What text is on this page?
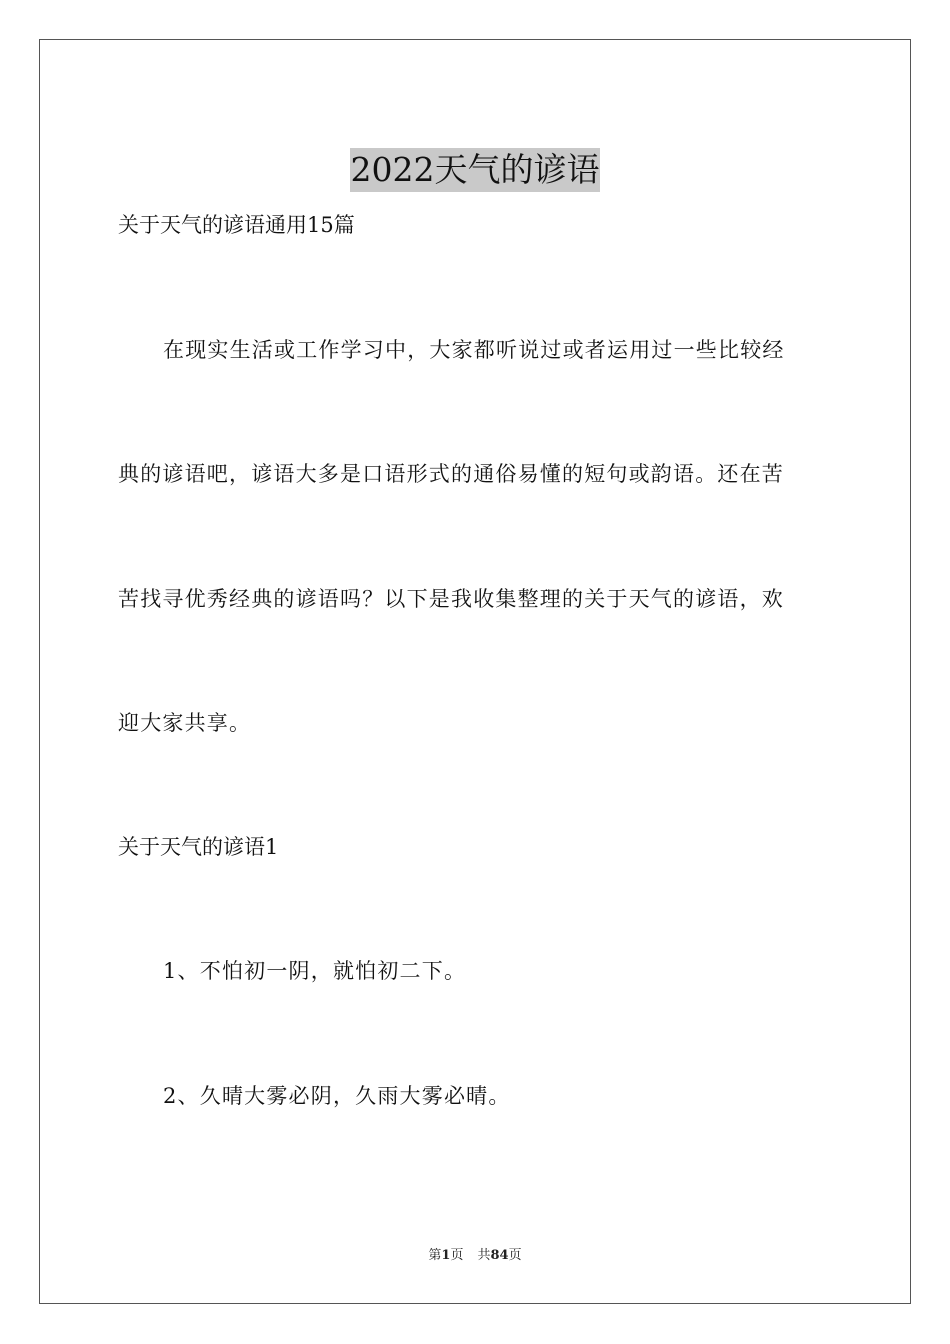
2022天气的谚语
关于天气的谚语通用15篇
在现实生活或工作学习中，大家都听说过或者运用过一些比较经
典的谚语吧，谚语大多是口语形式的通俗易懂的短句或韵语。还在苦
苦找寻优秀经典的谚语吗？以下是我收集整理的关于天气的谚语，欢
迎大家共享。
关于天气的谚语1
1、不怕初一阴，就怕初二下。
2、久晴大雾必阴，久雨大雾必晴。
第1页 共84页
